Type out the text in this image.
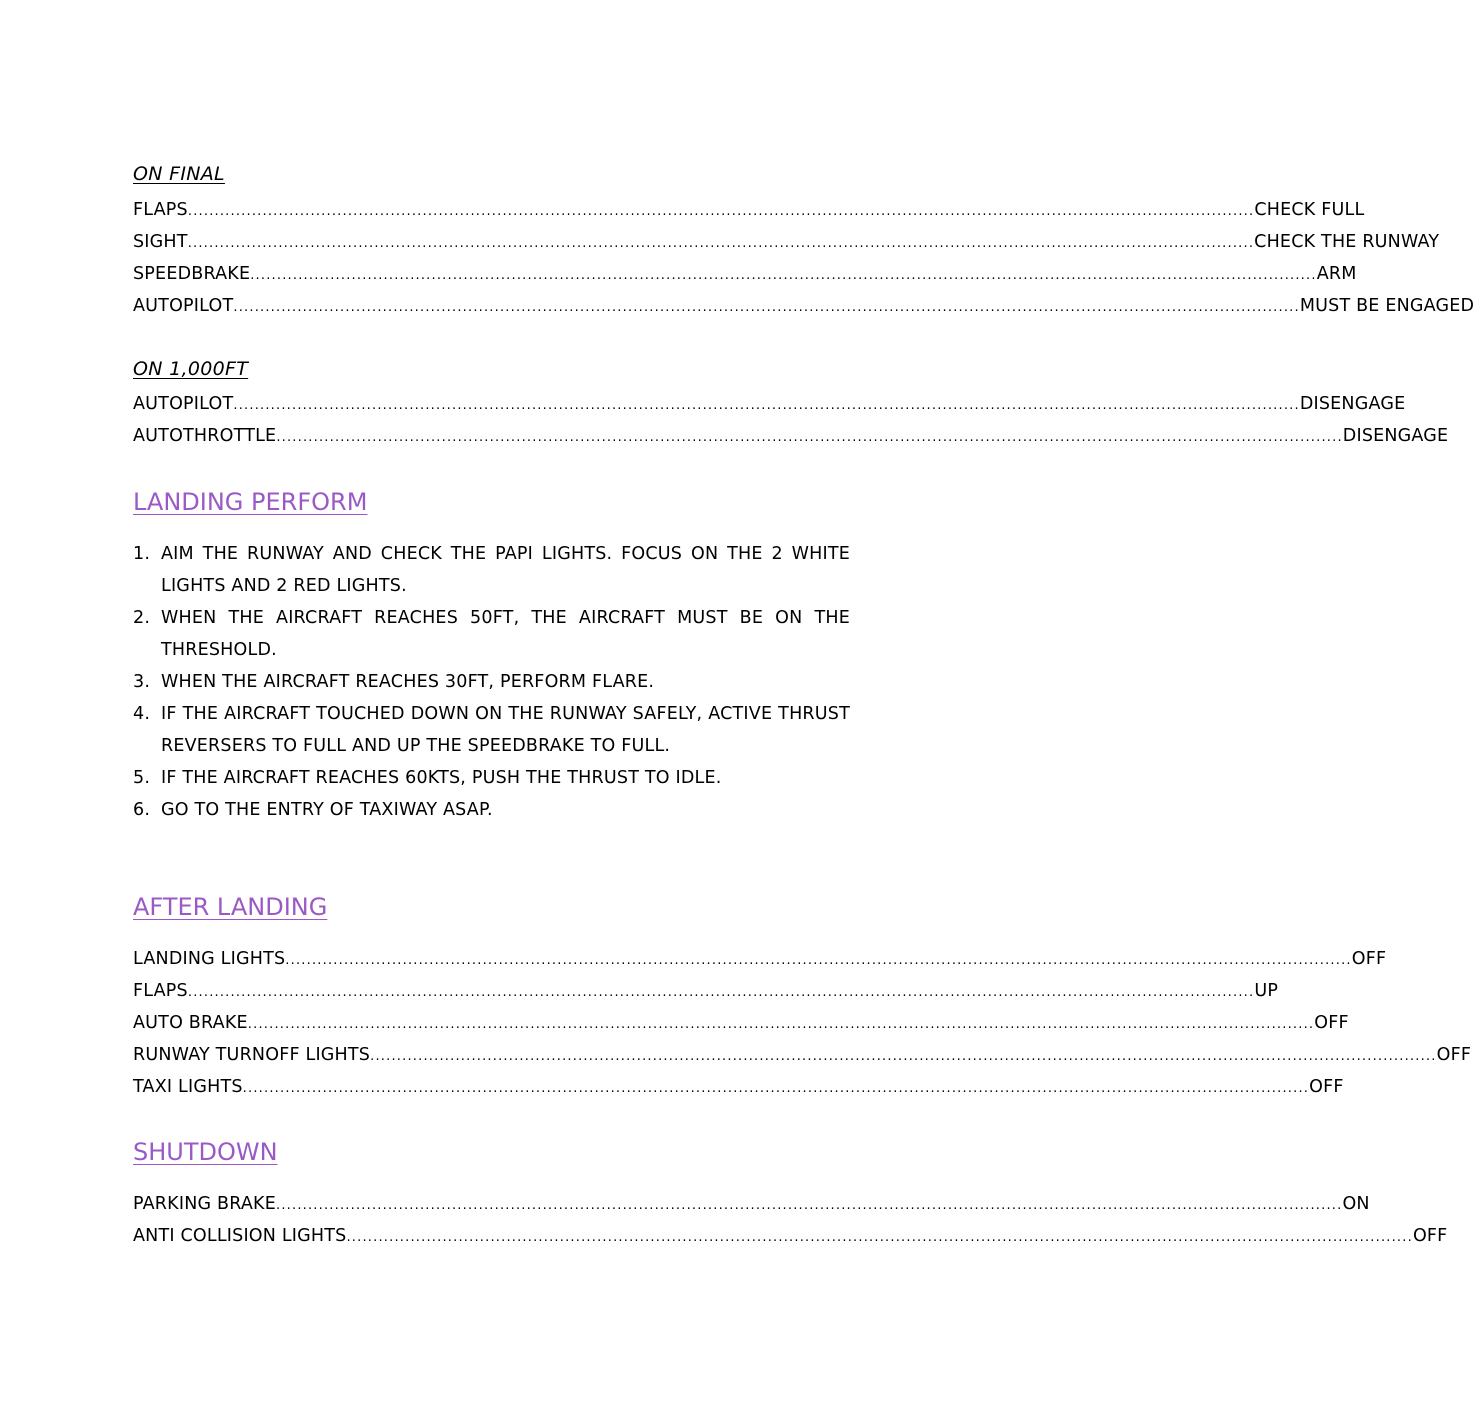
ON FINAL
FLAPS ........................................................................................................................................................................................................ CHECK FULL
SIGHT ........................................................................................................................................................................................................ CHECK THE RUNWAY
SPEEDBRAKE ........................................................................................................................................................................................................ ARM
AUTOPILOT ........................................................................................................................................................................................................ MUST BE ENGAGED
ON 1,000FT
AUTOPILOT ........................................................................................................................................................................................................ DISENGAGE
AUTOTHROTTLE ........................................................................................................................................................................................................ DISENGAGE
LANDING PERFORM
1. AIM THE RUNWAY AND CHECK THE PAPI LIGHTS. FOCUS ON THE 2 WHITE LIGHTS AND 2 RED LIGHTS.
2. WHEN THE AIRCRAFT REACHES 50FT, THE AIRCRAFT MUST BE ON THE THRESHOLD.
3. WHEN THE AIRCRAFT REACHES 30FT, PERFORM FLARE.
4. IF THE AIRCRAFT TOUCHED DOWN ON THE RUNWAY SAFELY, ACTIVE THRUST REVERSERS TO FULL AND UP THE SPEEDBRAKE TO FULL.
5. IF THE AIRCRAFT REACHES 60KTS, PUSH THE THRUST TO IDLE.
6. GO TO THE ENTRY OF TAXIWAY ASAP.
AFTER LANDING
LANDING LIGHTS ........................................................................................................................................................................................................ OFF
FLAPS ........................................................................................................................................................................................................ UP
AUTO BRAKE ........................................................................................................................................................................................................ OFF
RUNWAY TURNOFF LIGHTS ........................................................................................................................................................................................................ OFF
TAXI LIGHTS ........................................................................................................................................................................................................ OFF
SHUTDOWN
PARKING BRAKE ........................................................................................................................................................................................................ ON
ANTI COLLISION LIGHTS ........................................................................................................................................................................................................ OFF
